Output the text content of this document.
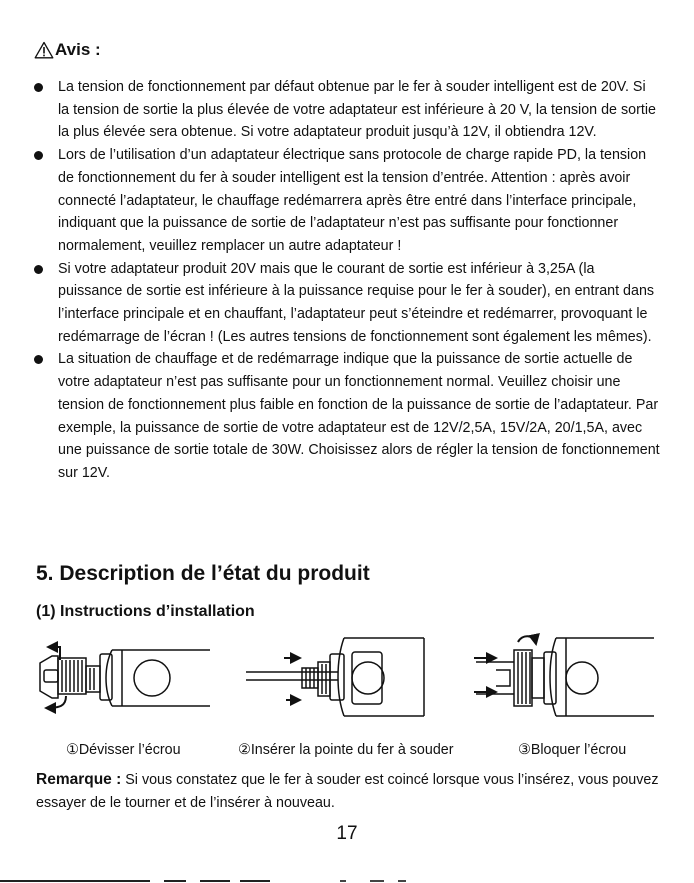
Avis :
La tension de fonctionnement par défaut obtenue par le fer à souder intelligent est de 20V. Si la tension de sortie la plus élevée de votre adaptateur est inférieure à 20 V, la tension de sortie la plus élevée sera obtenue. Si votre adaptateur produit jusqu’à 12V, il obtiendra 12V.
Lors de l’utilisation d’un adaptateur électrique sans protocole de charge rapide PD, la tension de fonctionnement du fer à souder intelligent est la tension d’entrée. Attention : après avoir connecté l’adaptateur, le chauffage redémarrera après être entré dans l’interface principale, indiquant que la puissance de sortie de l’adaptateur n’est pas suffisante pour fonctionner normalement, veuillez remplacer un autre adaptateur !
Si votre adaptateur produit 20V mais que le courant de sortie est inférieur à 3,25A (la puissance de sortie est inférieure à la puissance requise pour le fer à souder), en entrant dans l’interface principale et en chauffant, l’adaptateur peut s’éteindre et redémarrer, provoquant le redémarrage de l’écran ! (Les autres tensions de fonctionnement sont également les mêmes).
La situation de chauffage et de redémarrage indique que la puissance de sortie actuelle de votre adaptateur n’est pas suffisante pour un fonctionnement normal. Veuillez choisir une tension de fonctionnement plus faible en fonction de la puissance de sortie de l’adaptateur. Par exemple, la puissance de sortie de votre adaptateur est de 12V/2,5A, 15V/2A, 20/1,5A, avec une puissance de sortie totale de 30W. Choisissez alors de régler la tension de fonctionnement sur 12V.
5. Description de l’état du produit
(1) Instructions d’installation
①Dévisser l’écrou	②Insérer la pointe du fer à souder	③Bloquer l’écrou
Remarque : Si vous constatez que le fer à souder est coincé lorsque vous l’insérez, vous pouvez essayer de le tourner et de l’insérer à nouveau.
17
